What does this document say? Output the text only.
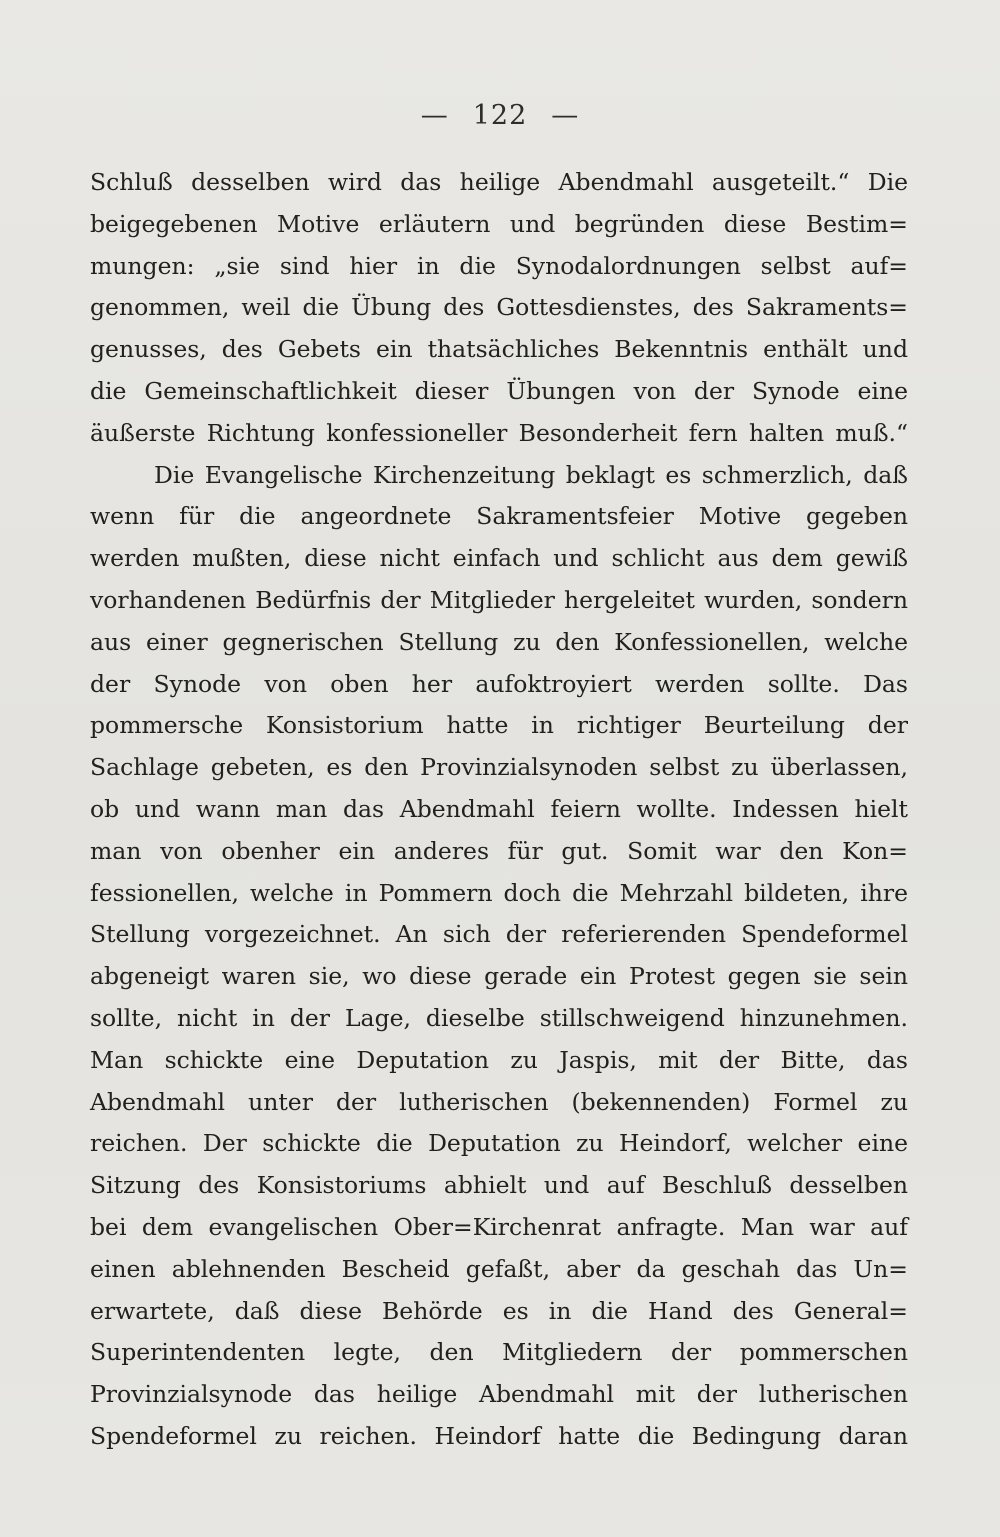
— 122 —
Schluß desselben wird das heilige Abendmahl ausgeteilt.“ Die
beigegebenen Motive erläutern und begründen diese Bestim=
mungen: „sie sind hier in die Synodalordnungen selbst auf=
genommen, weil die Übung des Gottesdienstes, des Sakraments=
genusses, des Gebets ein thatsächliches Bekenntnis enthält und
die Gemeinschaftlichkeit dieser Übungen von der Synode eine
äußerste Richtung konfessioneller Besonderheit fern halten muß.“
Die Evangelische Kirchenzeitung beklagt es schmerzlich, daß
wenn für die angeordnete Sakramentsfeier Motive gegeben
werden mußten, diese nicht einfach und schlicht aus dem gewiß
vorhandenen Bedürfnis der Mitglieder hergeleitet wurden, sondern
aus einer gegnerischen Stellung zu den Konfessionellen, welche
der Synode von oben her aufoktroyiert werden sollte. Das
pommersche Konsistorium hatte in richtiger Beurteilung der
Sachlage gebeten, es den Provinzialsynoden selbst zu überlassen,
ob und wann man das Abendmahl feiern wollte. Indessen hielt
man von obenher ein anderes für gut. Somit war den Kon=
fessionellen, welche in Pommern doch die Mehrzahl bildeten, ihre
Stellung vorgezeichnet. An sich der referierenden Spendeformel
abgeneigt waren sie, wo diese gerade ein Protest gegen sie sein
sollte, nicht in der Lage, dieselbe stillschweigend hinzunehmen.
Man schickte eine Deputation zu Jaspis, mit der Bitte, das
Abendmahl unter der lutherischen (bekennenden) Formel zu
reichen. Der schickte die Deputation zu Heindorf, welcher eine
Sitzung des Konsistoriums abhielt und auf Beschluß desselben
bei dem evangelischen Ober=Kirchenrat anfragte. Man war auf
einen ablehnenden Bescheid gefaßt, aber da geschah das Un=
erwartete, daß diese Behörde es in die Hand des General=
Superintendenten legte, den Mitgliedern der pommerschen
Provinzialsynode das heilige Abendmahl mit der lutherischen
Spendeformel zu reichen. Heindorf hatte die Bedingung daran
